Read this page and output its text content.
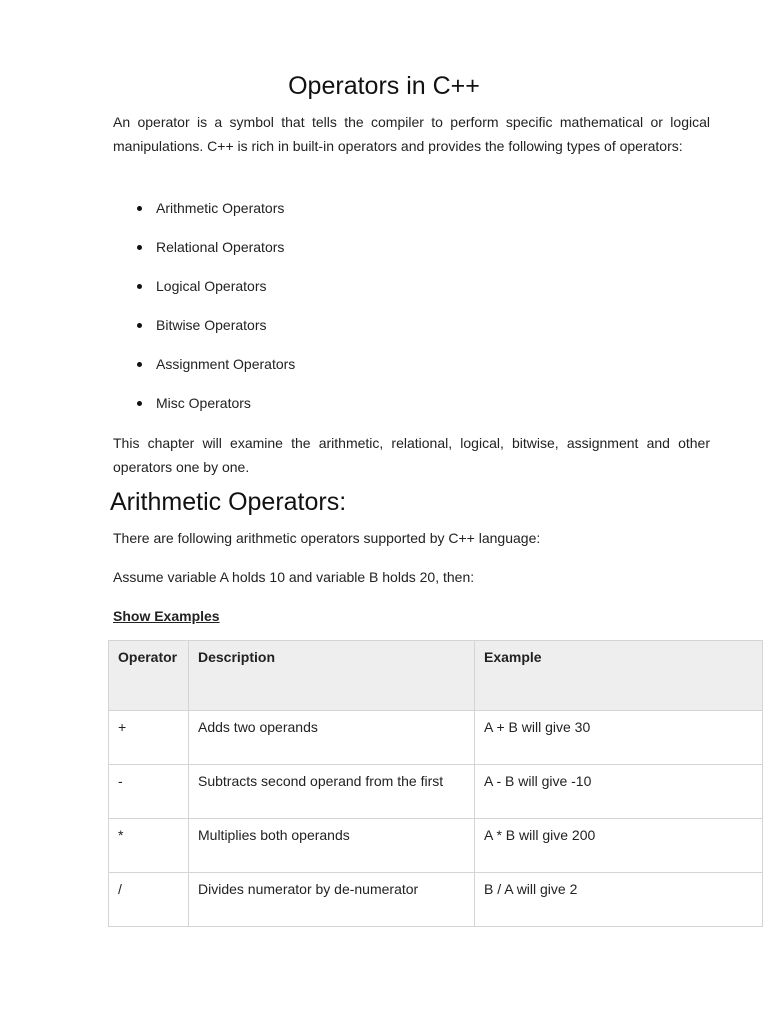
Operators in C++

An operator is a symbol that tells the compiler to perform specific mathematical or logical manipulations. C++ is rich in built-in operators and provides the following types of operators:

Arithmetic Operators
Relational Operators
Logical Operators
Bitwise Operators
Assignment Operators
Misc Operators

This chapter will examine the arithmetic, relational, logical, bitwise, assignment and other operators one by one.

Arithmetic Operators:

There are following arithmetic operators supported by C++ language:

Assume variable A holds 10 and variable B holds 20, then:

Show Examples
Operator	Description	Example
+	Adds two operands	A + B will give 30
-	Subtracts second operand from the first	A - B will give -10
*	Multiplies both operands	A * B will give 200
/	Divides numerator by de-numerator	B / A will give 2
